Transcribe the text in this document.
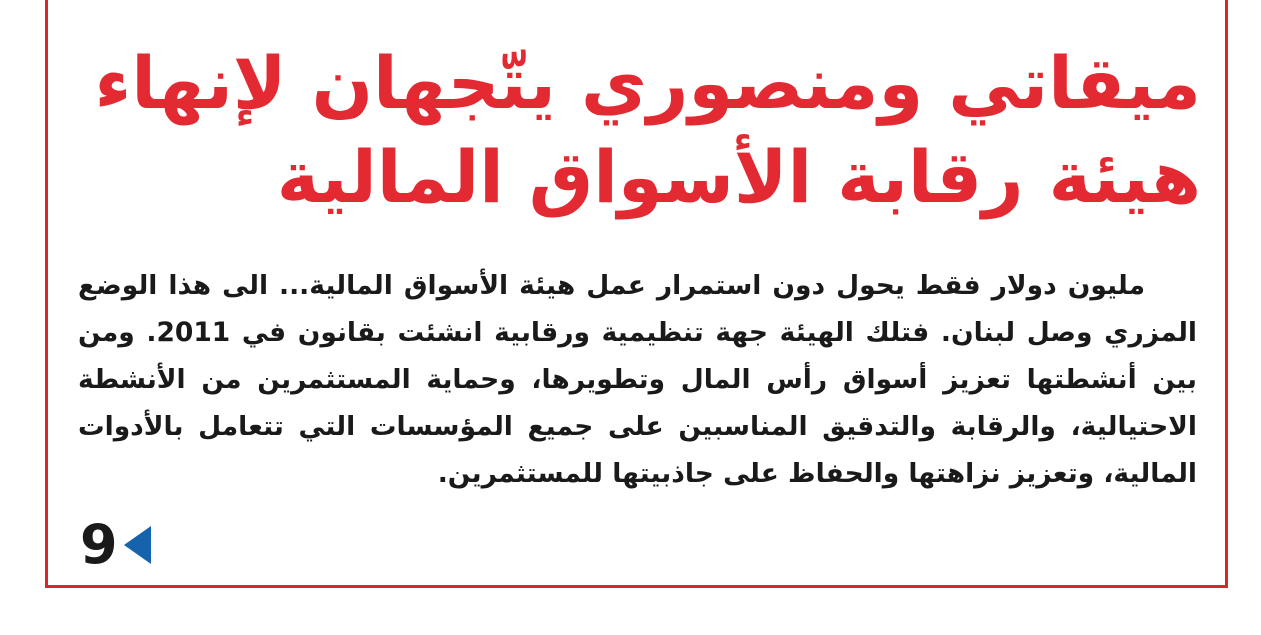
ميقاتي ومنصوري يتّجهان لإنهاء
هيئة رقابة الأسواق المالية

مليون دولار فقط يحول دون استمرار عمل هيئة الأسواق المالية... الى هذا الوضع المزري وصل لبنان. فتلك الهيئة جهة تنظيمية ورقابية انشئت بقانون في 2011. ومن بين أنشطتها تعزيز أسواق رأس المال وتطويرها، وحماية المستثمرين من الأنشطة الاحتيالية، والرقابة والتدقيق المناسبين على جميع المؤسسات التي تتعامل بالأدوات المالية، وتعزيز نزاهتها والحفاظ على جاذبيتها للمستثمرين.

9
